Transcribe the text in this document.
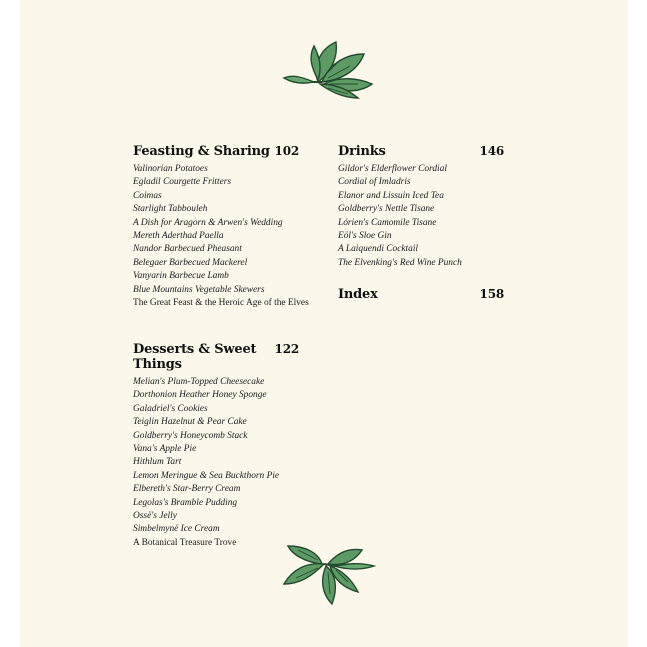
Feasting & Sharing 102
Valinorian Potatoes
Egladil Courgette Fritters
Coimas
Starlight Tabbouleh
A Dish for Aragorn & Arwen's Wedding
Mereth Aderthad Paella
Nandor Barbecued Pheasant
Belegaer Barbecued Mackerel
Vanyarin Barbecue Lamb
Blue Mountains Vegetable Skewers
The Great Feast & the Heroic Age of the Elves
Drinks	146
Gildor's Elderflower Cordial
Cordial of Imladris
Elanor and Lissuin Iced Tea
Goldberry's Nettle Tisane
Lórien's Camomile Tisane
Eöl's Sloe Gin
A Laiquendi Cocktail
The Elvenking's Red Wine Punch
Index	158
Desserts & Sweet Things
122
Melian's Plum-Topped Cheesecake
Dorthonion Heather Honey Sponge
Galadriel's Cookies
Teiglin Hazelnut & Pear Cake
Goldberry's Honeycomb Stack
Vana's Apple Pie
Hithlum Tart
Lemon Meringue & Sea Buckthorn Pie
Elbereth's Star-Berry Cream
Legolas's Bramble Pudding
Ossë's Jelly
Simbelmynë Ice Cream
A Botanical Treasure Trove
